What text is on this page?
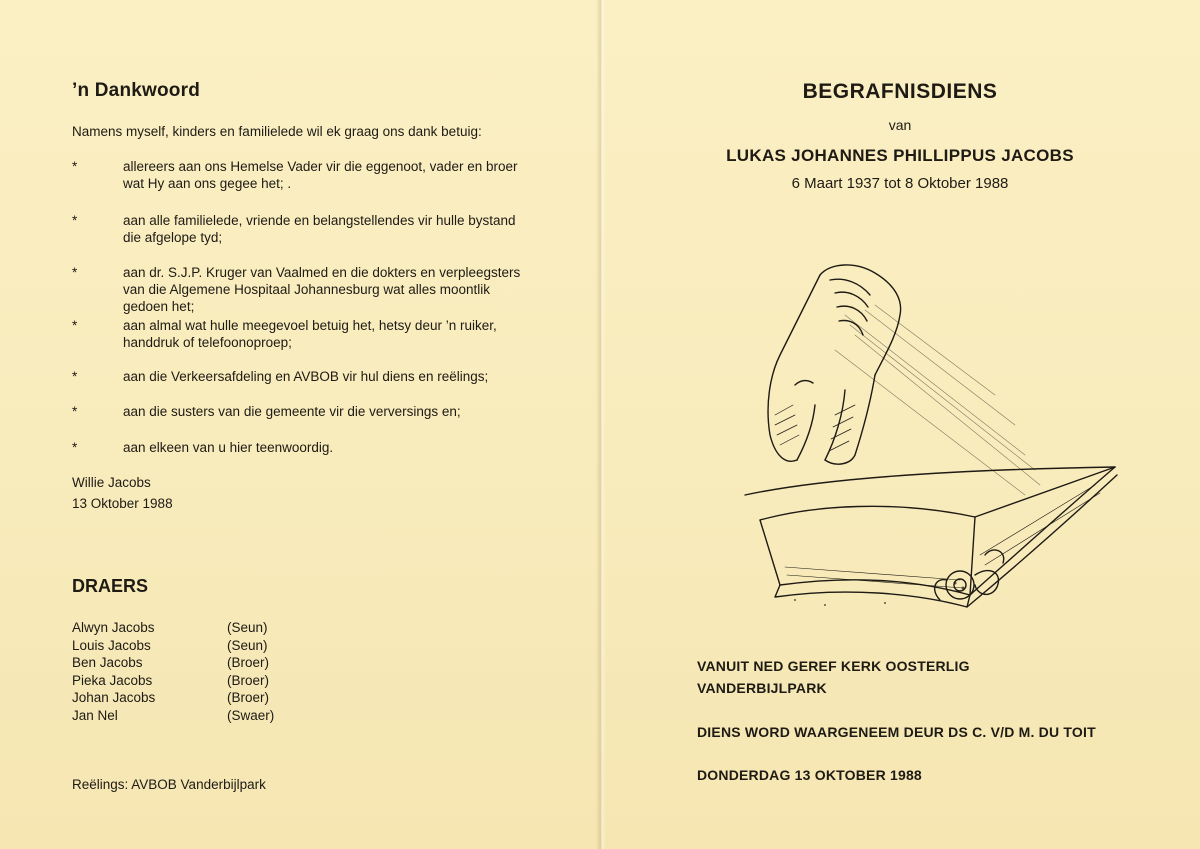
’n Dankwoord
Namens myself, kinders en familielede wil ek graag ons dank betuig:
*	allereers aan ons Hemelse Vader vir die eggenoot, vader en broer wat Hy aan ons gegee het; .
*	aan alle familielede, vriende en belangstellendes vir hulle bystand die afgelope tyd;
*	aan dr. S.J.P. Kruger van Vaalmed en die dokters en verpleegsters van die Algemene Hospitaal Johannesburg wat alles moontlik gedoen het;
*	aan almal wat hulle meegevoel betuig het, hetsy deur ’n ruiker, handdruk of telefoonoproep;
*	aan die Verkeersafdeling en AVBOB vir hul diens en reëlings;
*	aan die susters van die gemeente vir die verversings en;
*	aan elkeen van u hier teenwoordig.
Willie Jacobs
13 Oktober 1988
DRAERS
Alwyn Jacobs	(Seun)
Louis Jacobs	(Seun)
Ben Jacobs	(Broer)
Pieka Jacobs	(Broer)
Johan Jacobs	(Broer)
Jan Nel	(Swaer)
Reëlings: AVBOB Vanderbijlpark
BEGRAFNISDIENS
van
LUKAS JOHANNES PHILLIPPUS JACOBS
6 Maart 1937 tot 8 Oktober 1988
VANUIT NED GEREF KERK OOSTERLIG
VANDERBIJLPARK
DIENS WORD WAARGENEEM DEUR DS C. V/D M. DU TOIT
DONDERDAG 13 OKTOBER 1988
